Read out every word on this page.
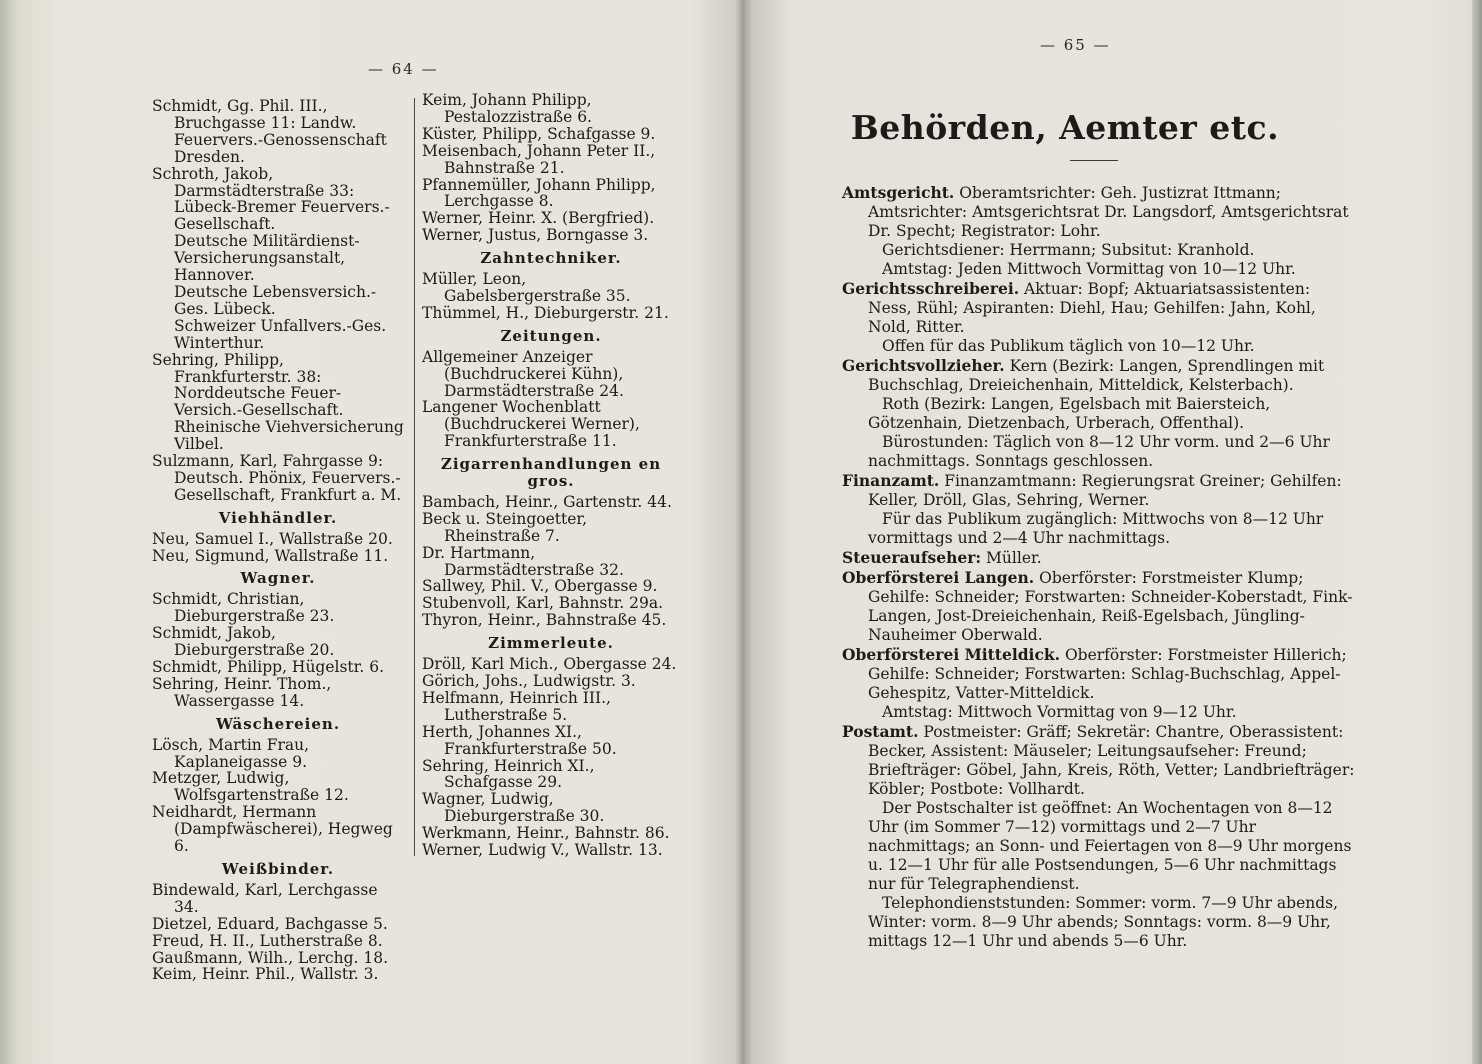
— 64 —

Schmidt, Gg. Phil. III., Bruchgasse 11: Landw. Feuervers.-Genossenschaft Dresden.

Schroth, Jakob, Darmstädterstraße 33: Lübeck-Bremer Feuervers.-Gesellschaft.

Deutsche Militärdienst-Versicherungsanstalt, Hannover.

Deutsche Lebensversich.-Ges. Lübeck.

Schweizer Unfallvers.-Ges. Winterthur.

Sehring, Philipp, Frankfurterstr. 38: Norddeutsche Feuer-Versich.-Gesellschaft.

Rheinische Viehversicherung Vilbel.

Sulzmann, Karl, Fahrgasse 9: Deutsch. Phönix, Feuervers.-Gesellschaft, Frankfurt a. M.

Viehhändler.

Neu, Samuel I., Wallstraße 20.

Neu, Sigmund, Wallstraße 11.

Wagner.

Schmidt, Christian, Dieburgerstraße 23.

Schmidt, Jakob, Dieburgerstraße 20.

Schmidt, Philipp, Hügelstr. 6.

Sehring, Heinr. Thom., Wassergasse 14.

Wäschereien.

Lösch, Martin Frau, Kaplaneigasse 9.

Metzger, Ludwig, Wolfsgartenstraße 12.

Neidhardt, Hermann (Dampfwäscherei), Hegweg 6.

Weißbinder.

Bindewald, Karl, Lerchgasse 34.

Dietzel, Eduard, Bachgasse 5.

Freud, H. II., Lutherstraße 8.

Gaußmann, Wilh., Lerchg. 18.

Keim, Heinr. Phil., Wallstr. 3.

Keim, Johann Philipp, Pestalozzistraße 6.

Küster, Philipp, Schafgasse 9.

Meisenbach, Johann Peter II., Bahnstraße 21.

Pfannemüller, Johann Philipp, Lerchgasse 8.

Werner, Heinr. X. (Bergfried).

Werner, Justus, Borngasse 3.

Zahntechniker.

Müller, Leon, Gabelsbergerstraße 35.

Thümmel, H., Dieburgerstr. 21.

Zeitungen.

Allgemeiner Anzeiger (Buchdruckerei Kühn), Darmstädterstraße 24.

Langener Wochenblatt (Buchdruckerei Werner), Frankfurterstraße 11.

Zigarrenhandlungen en gros.

Bambach, Heinr., Gartenstr. 44.

Beck u. Steingoetter, Rheinstraße 7.

Dr. Hartmann, Darmstädterstraße 32.

Sallwey, Phil. V., Obergasse 9.

Stubenvoll, Karl, Bahnstr. 29a.

Thyron, Heinr., Bahnstraße 45.

Zimmerleute.

Dröll, Karl Mich., Obergasse 24.

Görich, Johs., Ludwigstr. 3.

Helfmann, Heinrich III., Lutherstraße 5.

Herth, Johannes XI., Frankfurterstraße 50.

Sehring, Heinrich XI., Schafgasse 29.

Wagner, Ludwig, Dieburgerstraße 30.

Werkmann, Heinr., Bahnstr. 86.

Werner, Ludwig V., Wallstr. 13.

— 65 —
Behörden, Aemter etc.

Amtsgericht. Oberamtsrichter: Geh. Justizrat Ittmann; Amtsrichter: Amtsgerichtsrat Dr. Langsdorf, Amtsgerichtsrat Dr. Specht; Registrator: Lohr.

Gerichtsdiener: Herrmann; Subsitut: Kranhold.

Amtstag: Jeden Mittwoch Vormittag von 10—12 Uhr.

Gerichtsschreiberei. Aktuar: Bopf; Aktuariatsassistenten: Ness, Rühl; Aspiranten: Diehl, Hau; Gehilfen: Jahn, Kohl, Nold, Ritter.

Offen für das Publikum täglich von 10—12 Uhr.

Gerichtsvollzieher. Kern (Bezirk: Langen, Sprendlingen mit Buchschlag, Dreieichenhain, Mitteldick, Kelsterbach).

Roth (Bezirk: Langen, Egelsbach mit Baiersteich, Götzenhain, Dietzenbach, Urberach, Offenthal).

Bürostunden: Täglich von 8—12 Uhr vorm. und 2—6 Uhr nachmittags. Sonntags geschlossen.

Finanzamt. Finanzamtmann: Regierungsrat Greiner; Gehilfen: Keller, Dröll, Glas, Sehring, Werner.

Für das Publikum zugänglich: Mittwochs von 8—12 Uhr vormittags und 2—4 Uhr nachmittags.

Steueraufseher: Müller.

Oberförsterei Langen. Oberförster: Forstmeister Klump; Gehilfe: Schneider; Forstwarten: Schneider-Koberstadt, Fink-Langen, Jost-Dreieichenhain, Reiß-Egelsbach, Jüngling-Nauheimer Oberwald.

Oberförsterei Mitteldick. Oberförster: Forstmeister Hillerich; Gehilfe: Schneider; Forstwarten: Schlag-Buchschlag, Appel-Gehespitz, Vatter-Mitteldick.

Amtstag: Mittwoch Vormittag von 9—12 Uhr.

Postamt. Postmeister: Gräff; Sekretär: Chantre, Oberassistent: Becker, Assistent: Mäuseler; Leitungsaufseher: Freund; Briefträger: Göbel, Jahn, Kreis, Röth, Vetter; Landbriefträger: Köbler; Postbote: Vollhardt.

Der Postschalter ist geöffnet: An Wochentagen von 8—12 Uhr (im Sommer 7—12) vormittags und 2—7 Uhr nachmittags; an Sonn- und Feiertagen von 8—9 Uhr morgens u. 12—1 Uhr für alle Postsendungen, 5—6 Uhr nachmittags nur für Telegraphendienst.

Telephondienststunden: Sommer: vorm. 7—9 Uhr abends, Winter: vorm. 8—9 Uhr abends; Sonntags: vorm. 8—9 Uhr, mittags 12—1 Uhr und abends 5—6 Uhr.
